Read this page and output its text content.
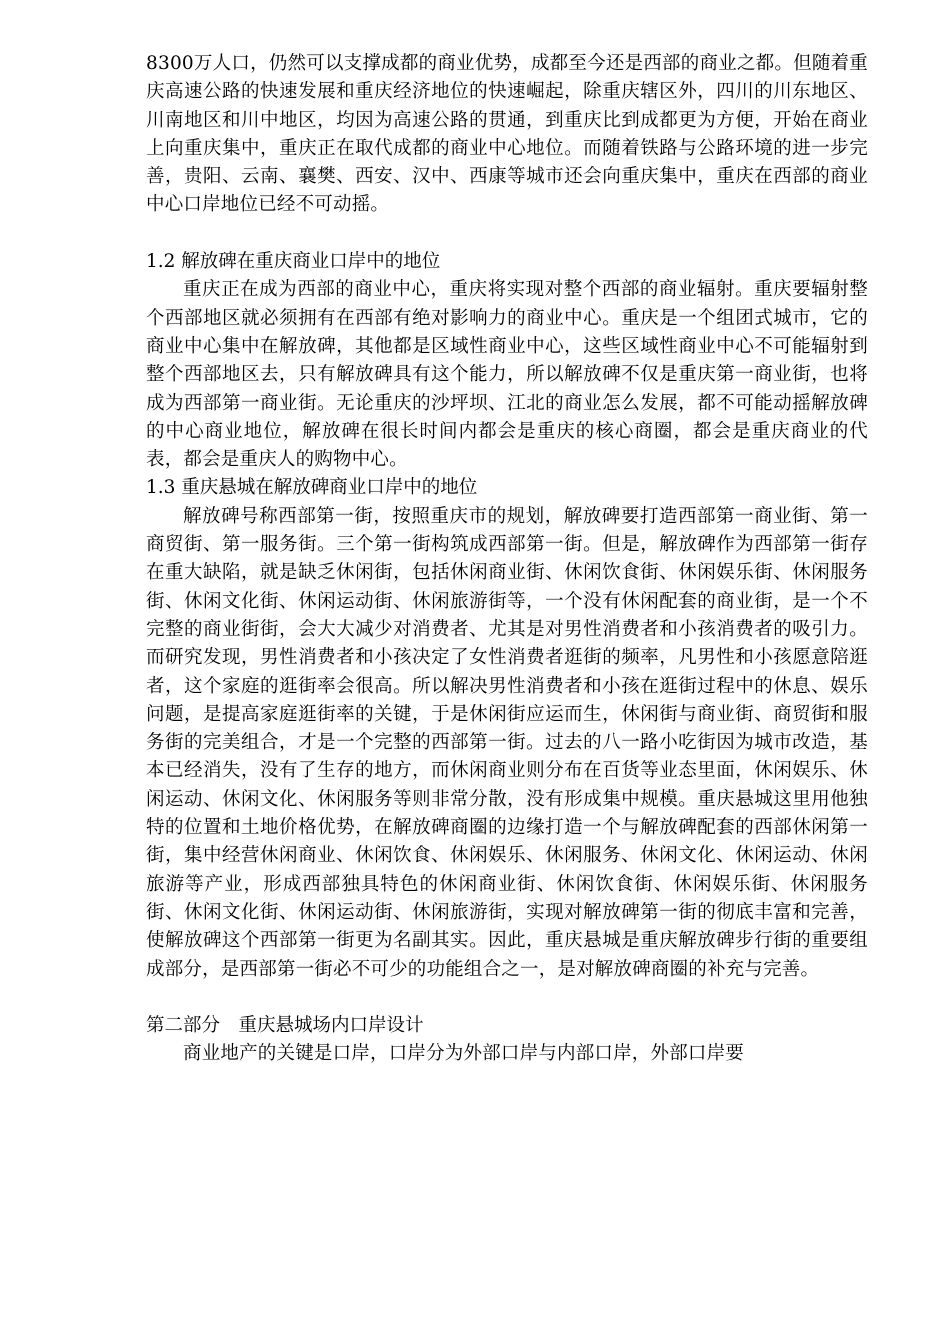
8300万人口，仍然可以支撑成都的商业优势，成都至今还是西部的商业之都。但随着重庆高速公路的快速发展和重庆经济地位的快速崛起，除重庆辖区外，四川的川东地区、川南地区和川中地区，均因为高速公路的贯通，到重庆比到成都更为方便，开始在商业上向重庆集中，重庆正在取代成都的商业中心地位。而随着铁路与公路环境的进一步完善，贵阳、云南、襄樊、西安、汉中、西康等城市还会向重庆集中，重庆在西部的商业中心口岸地位已经不可动摇。

1.2 解放碑在重庆商业口岸中的地位

重庆正在成为西部的商业中心，重庆将实现对整个西部的商业辐射。重庆要辐射整个西部地区就必须拥有在西部有绝对影响力的商业中心。重庆是一个组团式城市，它的商业中心集中在解放碑，其他都是区域性商业中心，这些区域性商业中心不可能辐射到整个西部地区去，只有解放碑具有这个能力，所以解放碑不仅是重庆第一商业街，也将成为西部第一商业街。无论重庆的沙坪坝、江北的商业怎么发展，都不可能动摇解放碑的中心商业地位，解放碑在很长时间内都会是重庆的核心商圈，都会是重庆商业的代表，都会是重庆人的购物中心。

1.3 重庆悬城在解放碑商业口岸中的地位

解放碑号称西部第一街，按照重庆市的规划，解放碑要打造西部第一商业街、第一商贸街、第一服务街。三个第一街构筑成西部第一街。但是，解放碑作为西部第一街存在重大缺陷，就是缺乏休闲街，包括休闲商业街、休闲饮食街、休闲娱乐街、休闲服务街、休闲文化街、休闲运动街、休闲旅游街等，一个没有休闲配套的商业街，是一个不完整的商业街街，会大大减少对消费者、尤其是对男性消费者和小孩消费者的吸引力。而研究发现，男性消费者和小孩决定了女性消费者逛街的频率，凡男性和小孩愿意陪逛者，这个家庭的逛街率会很高。所以解决男性消费者和小孩在逛街过程中的休息、娱乐问题，是提高家庭逛街率的关键，于是休闲街应运而生，休闲街与商业街、商贸街和服务街的完美组合，才是一个完整的西部第一街。过去的八一路小吃街因为城市改造，基本已经消失，没有了生存的地方，而休闲商业则分布在百货等业态里面，休闲娱乐、休闲运动、休闲文化、休闲服务等则非常分散，没有形成集中规模。重庆悬城这里用他独特的位置和土地价格优势，在解放碑商圈的边缘打造一个与解放碑配套的西部休闲第一街，集中经营休闲商业、休闲饮食、休闲娱乐、休闲服务、休闲文化、休闲运动、休闲旅游等产业，形成西部独具特色的休闲商业街、休闲饮食街、休闲娱乐街、休闲服务街、休闲文化街、休闲运动街、休闲旅游街，实现对解放碑第一街的彻底丰富和完善，使解放碑这个西部第一街更为名副其实。因此，重庆悬城是重庆解放碑步行街的重要组成部分，是西部第一街必不可少的功能组合之一，是对解放碑商圈的补充与完善。

第二部分　重庆悬城场内口岸设计

商业地产的关键是口岸，口岸分为外部口岸与内部口岸，外部口岸要
